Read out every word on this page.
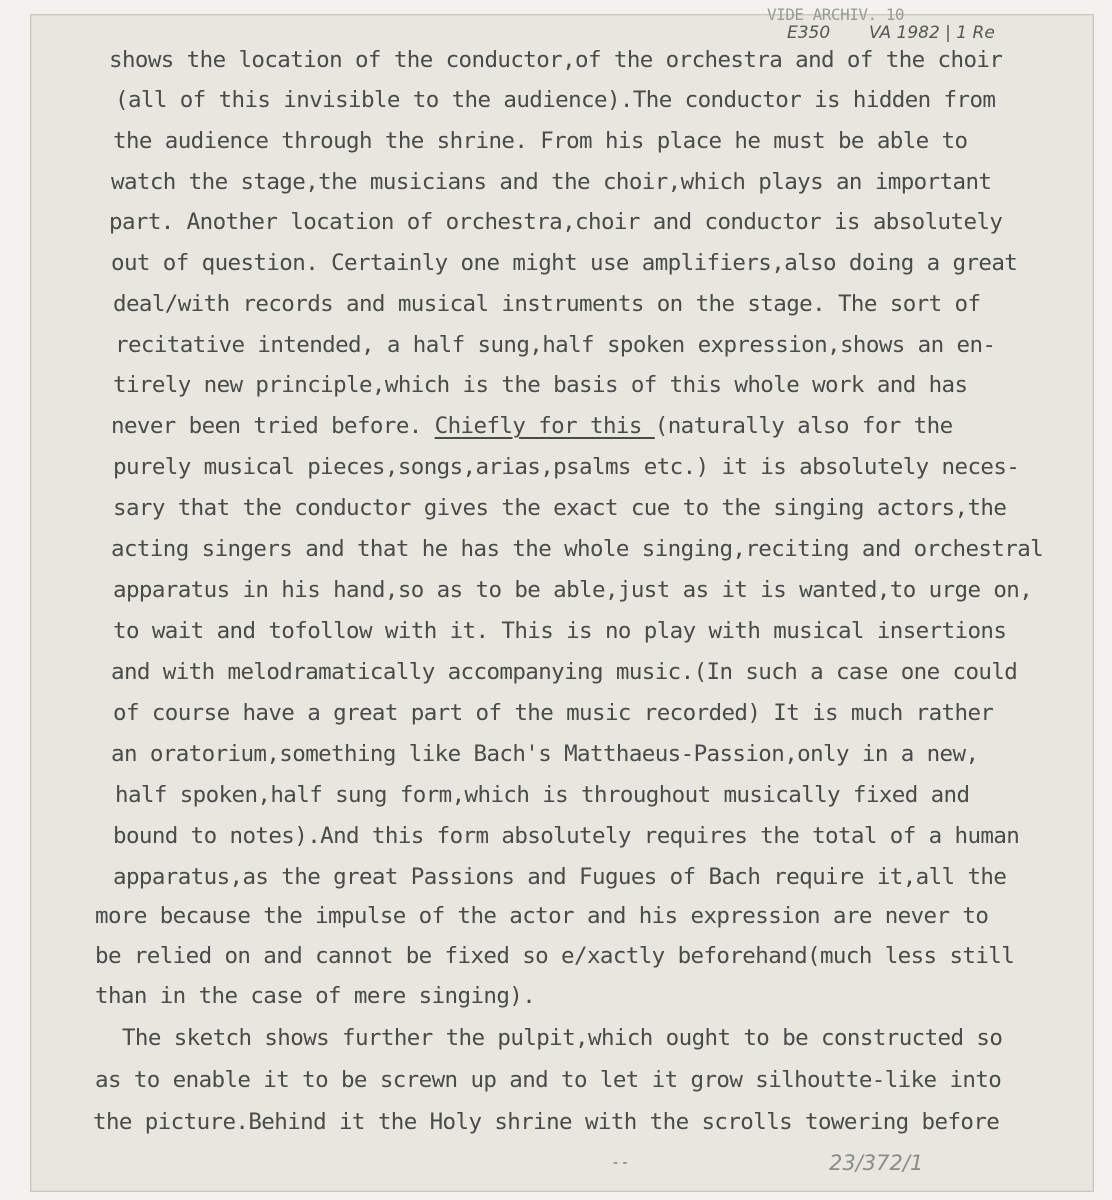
VIDE ARCHIV. 10
E350 VA 1982 | 1 Re
shows the location of the conductor,of the orchestra and of the choir
(all of this invisible to the audience).The conductor is hidden from
the audience through the shrine. From his place he must be able to
watch the stage,the musicians and the choir,which plays an important
part. Another location of orchestra,choir and conductor is absolutely
out of question. Certainly one might use amplifiers,also doing a great
deal/with records and musical instruments on the stage. The sort of
recitative intended, a half sung,half spoken expression,shows an en-
tirely new principle,which is the basis of this whole work and has
never been tried before. Chiefly for this (naturally also for the
purely musical pieces,songs,arias,psalms etc.) it is absolutely neces-
sary that the conductor gives the exact cue to the singing actors,the
acting singers and that he has the whole singing,reciting and orchestral
apparatus in his hand,so as to be able,just as it is wanted,to urge on,
to wait and tofollow with it. This is no play with musical insertions
and with melodramatically accompanying music.(In such a case one could
of course have a great part of the music recorded) It is much rather
an oratorium,something like Bach's Matthaeus-Passion,only in a new,
half spoken,half sung form,which is throughout musically fixed and
bound to notes).And this form absolutely requires the total of a human
apparatus,as the great Passions and Fugues of Bach require it,all the
more because the impulse of the actor and his expression are never to
be relied on and cannot be fixed so e/xactly beforehand(much less still
than in the case of mere singing).
The sketch shows further the pulpit,which ought to be constructed so
as to enable it to be screwn up and to let it grow silhoutte-like into
the picture.Behind it the Holy shrine with the scrolls towering before
- -	23/372/1
